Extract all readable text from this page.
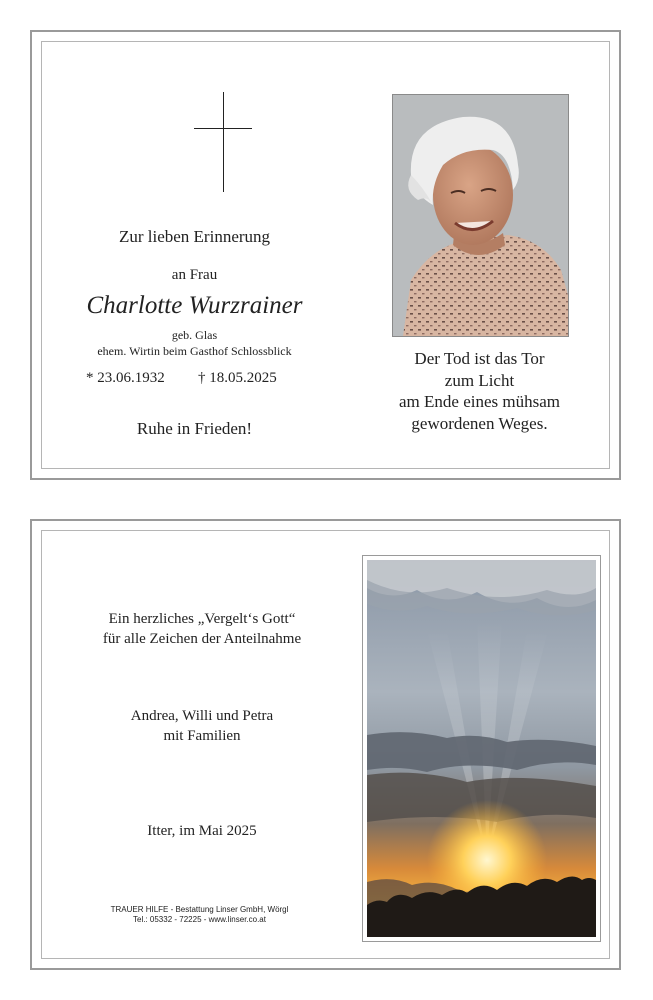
Zur lieben Erinnerung
an Frau
Charlotte Wurzrainer
geb. Glas
ehem. Wirtin beim Gasthof Schlossblick
* 23.06.1932 † 18.05.2025
Ruhe in Frieden!
Der Tod ist das Tor
zum Licht
am Ende eines mühsam
gewordenen Weges.
Ein herzliches „Vergelt‘s Gott“
für alle Zeichen der Anteilnahme
Andrea, Willi und Petra
mit Familien
Itter, im Mai 2025
TRAUER HILFE - Bestattung Linser GmbH, Wörgl
Tel.: 05332 - 72225 - www.linser.co.at
